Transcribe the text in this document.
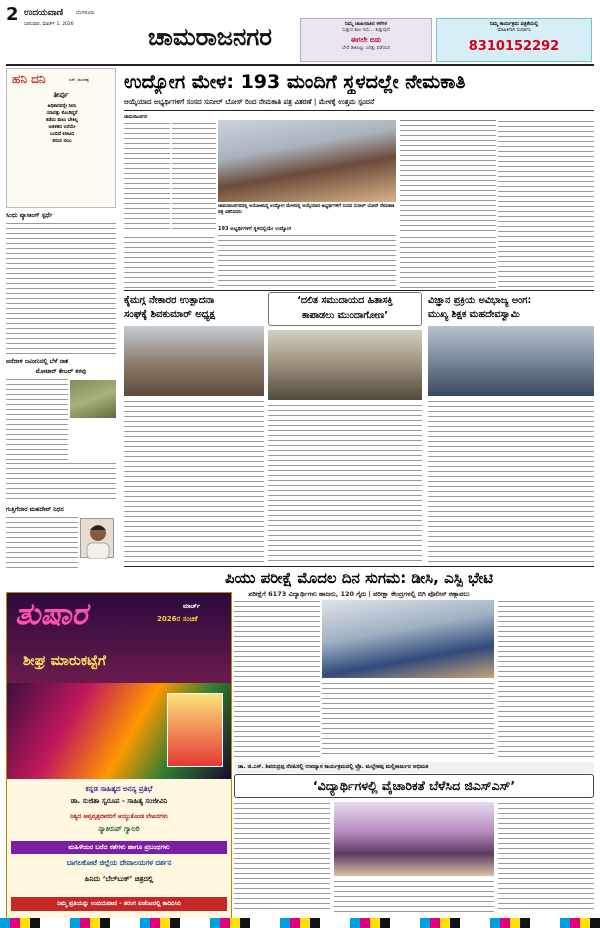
2 ಉದಯವಾಣಿ	ಬೆಂಗಳೂರು
ಭಾನುವಾರ, ಮಾರ್ಚ್ 1, 2026	ಚಾಮರಾಜನಗರ	ನಿಮ್ಮ ಜಾಹೀರಾತಿನ ಕಳೆಗಳ
ಸುತ್ತುದ ಕಾಲ ಇದು... ಕುತ್ತುವುದೆ
ಈಗಲೇ ಬಿಡು
ಬೇರೆ ಡಿಜಿಟಲ್ಲು ಜಗತ್ತು ಪಡೆಯಿರಿ
ನಿಮ್ಮ ಕಾರ್ಯಕ್ರಮ ಪತ್ರಿಕೆಯಲ್ಲಿ
ಮಾಹಿತಿಗಾಗಿ ಸಂಪರ್ಕಿಸಿ
8310152292
ಹನಿ ದನಿ	ಎಸ್. ಜುಂಜಪ್ಪ
ತೀರ್ಪು
ಅಧಿಕಾರವನ್ನೇ ನೀನು
ಯಾವತ್ತು ಕೊಂಡಿದ್ದರೆ
ಕಡೆಯ ಪಾಲು ಬೇಕಿಲ್ಲ
ಆಡಳಿತದ ಆಸೆಯೇ
ಬಂದಿದೆ ಕಿರೀಟದ
ಕನಸಿನ ಬಿಂಬ
ಸಿಂಧು ವ್ಯಾಸಾಂಗ್ ಸ್ಪರ್ಧೆ
ಆನೆದಾಳಿ ಜಮೀನಿನಲ್ಲಿ ಬೆಳೆ ನಾಶ
ಮೋಟಾರ್ ಕೇಬಲ್ ಕಳವು
ಗುತ್ತಿಗೆದಾರ ಮಹದೇವ್ ನಿಧನ
ಉದ್ಯೋಗ ಮೇಳ: 193 ಮಂದಿಗೆ ಸ್ಥಳದಲ್ಲೇ ನೇಮಕಾತಿ
ಆಯ್ಕೆಯಾದ ಅಭ್ಯರ್ಥಿಗಳಿಗೆ ಸಂಸದ ಸುನೀಲ್ ಬೋಸ್ ರಿಂದ ನೇಮಕಾತಿ ಪತ್ರ ವಿತರಣೆ | ಮೇಳಕ್ಕೆ ಉತ್ತಮ ಸ್ಪಂದನೆ
ಚಾಮರಾಜನಗರ
ಚಾಮರಾಜನಗರದಲ್ಲಿ ಆಯೋಜಿಸಿದ್ದ ಉದ್ಯೋಗ ಮೇಳದಲ್ಲಿ ಆಯ್ಕೆಯಾದ ಅಭ್ಯರ್ಥಿಗಳಿಗೆ ಸಂಸದ ಸುನೀಲ್ ಬೋಸ್ ನೇಮಕಾತಿ ಪತ್ರ ವಿತರಿಸಿದರು
193 ಅಭ್ಯರ್ಥಿಗಳಿಗೆ ಸ್ಥಳದಲ್ಲಿಯೇ ಉದ್ಯೋಗ
ಕೈಮಗ್ಗ ನೇಕಾರರ ಉತ್ಪಾದನಾ
ಸಂಘಕ್ಕೆ ಶಿವಕುಮಾರ್ ಅಧ್ಯಕ್ಷ
‘ದಲಿತ ಸಮುದಾಯದ ಹಿತಾಸಕ್ತಿ
ಕಾಪಾಡಲು ಮುಂದಾಗೋಣ’
ವಿಜ್ಞಾನ ಪ್ರಕ್ರಿಯ ಅವಿಭಾಜ್ಯ ಅಂಗ:
ಮುಖ್ಯ ಶಿಕ್ಷಕ ಮಹದೇವಸ್ವಾಮಿ
ಪಿಯು ಪರೀಕ್ಷೆ ಮೊದಲ ದಿನ ಸುಗಮ: ಡೀಸಿ, ಎಸ್ಪಿ ಭೇಟಿ
ಪರೀಕ್ಷೆಗೆ 6173 ವಿದ್ಯಾರ್ಥಿಗಳು ಹಾಜರು, 120 ಗೈರು | ಪರೀಕ್ಷಾ ಕೇಂದ್ರಗಳಲ್ಲಿ ಬಿಗಿ ಪೊಲೀಸ್ ಕಣ್ಗಾವಲು
ತುಷಾರ	ಮಾರ್ಚ್
2026ರ ಸಂಚಿಕೆ
ಶೀಘ್ರ ಮಾರುಕಟ್ಟೆಗೆ
ಕನ್ನಡ ಸಾಹಿತ್ಯದ ಅನನ್ಯ ಪ್ರತಿಭೆ
ಡಾ. ಸುಜಿತಾ ಸ್ವರೂಪ - ಸಾಹಿತ್ಯ ಸಂಜೀವಿನಿ
ನಿತ್ಯದ ಆಪ್ತವೃತ್ತದಾರರಿಗೆ ಆಯ್ದುಕೊಂಡ ಲೇಖನಗಳು
ನ್ಯಾಕಿರುಪ್ ಗ್ಯಾಲರಿ
ಮಹಿಳೆಯರ ಬರೆದ ಕತೆಗಳು ಹಾಗೂ ಪ್ರಬಂಧಗಳು
ಬಾಗಲಕೋಟೆ ಜಿಲ್ಲೆಯ ದೇವಾಲಯಗಳ ದರ್ಶನ
ಹಿನಿದು ‘ಬೆಲ್‌ಬುಕ್’ ಚಿತ್ರದಲ್ಲಿ
ನಿಮ್ಮ ಪ್ರತಿಯನ್ನು ಉದಯವಾಣಿ - ತರಂಗ ಏಜೆಂಟರಲ್ಲಿ ಕಾದಿರಿಸಿರಿ
ಡಾ. ಜಿ.ಎಸ್. ಶಿವರುದ್ರಪ್ಪ ನೆನಪಿನಲ್ಲಿ ಉಪನ್ಯಾಸ ಕಾರ್ಯಕ್ರಮದಲ್ಲಿ ಪ್ರೊ. ಮಲ್ಲೇಶಪ್ಪ ಮಲ್ಲಿಕಾರ್ಜುನ ಅಭಿಮತ
‘ವಿದ್ಯಾರ್ಥಿಗಳಲ್ಲಿ ವೈಚಾರಿಕತೆ ಬೆಳೆಸಿದ ಜಿಎಸ್‌ಎಸ್’
